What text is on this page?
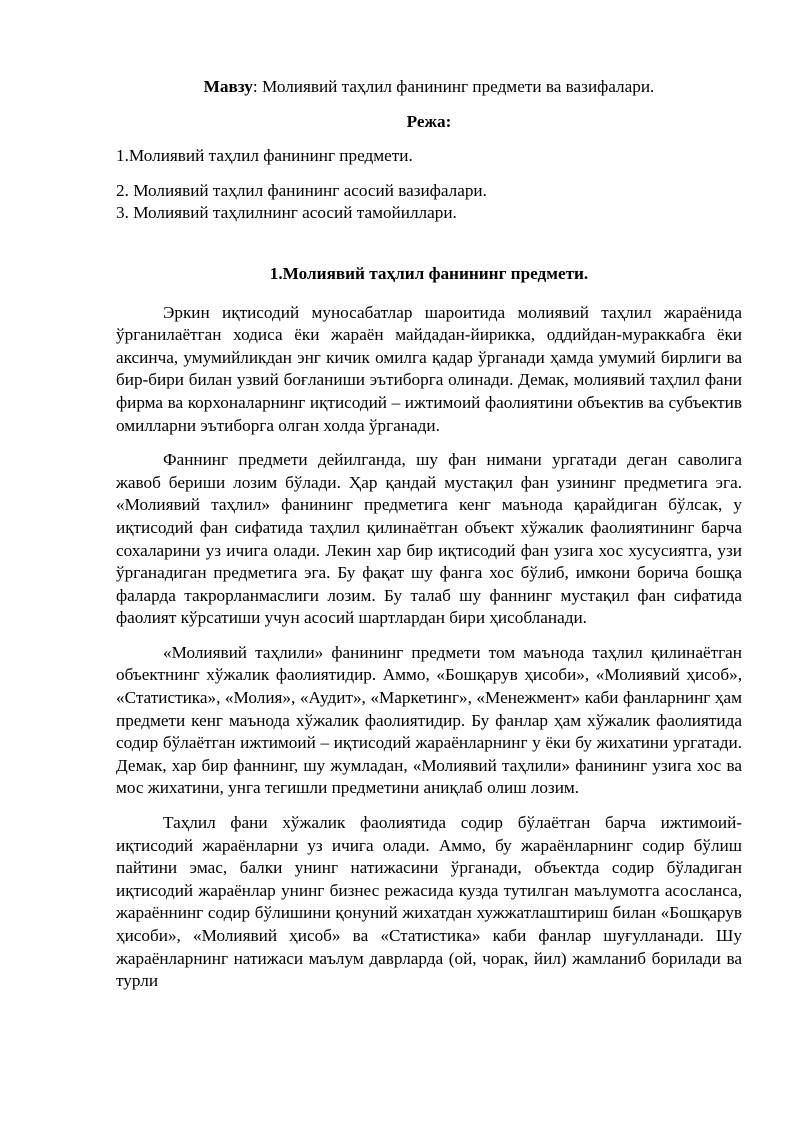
Мавзу: Молиявий таҳлил фанининг предмети ва вазифалари.

Режа:

1.Молиявий таҳлил фанининг предмети.

2. Молиявий таҳлил фанининг асосий вазифалари.

3. Молиявий таҳлилнинг асосий тамойиллари.

1.Молиявий таҳлил фанининг предмети.

Эркин иқтисодий муносабатлар шароитида молиявий таҳлил жараёнида ўрганилаётган ходиса ёки жараён майдадан-йирикка, оддийдан-мураккабга ёки аксинча, умумийликдан энг кичик омилга қадар ўрганади ҳамда умумий бирлиги ва бир-бири билан узвий боғланиши эътиборга олинади. Демак, молиявий таҳлил фани фирма ва корхоналарнинг иқтисодий – ижтимоий фаолиятини объектив ва субъектив омилларни эътиборга олган холда ўрганади.

Фаннинг предмети дейилганда, шу фан нимани ургатади деган саволига жавоб бериши лозим бўлади. Ҳар қандай мустақил фан узининг предметига эга. «Молиявий таҳлил» фанининг предметига кенг маънода қарайдиган бўлсак, у иқтисодий фан сифатида таҳлил қилинаётган объект хўжалик фаолиятининг барча сохаларини уз ичига олади. Лекин хар бир иқтисодий фан узига хос хусусиятга, узи ўрганадиган предметига эга. Бу фақат шу фанга хос бўлиб, имкони борича бошқа фаларда такрорланмаслиги лозим. Бу талаб шу фаннинг мустақил фан сифатида фаолият кўрсатиши учун асосий шартлардан бири ҳисобланади.

«Молиявий таҳлили» фанининг предмети том маънода таҳлил қилинаётган объектнинг хўжалик фаолиятидир. Аммо, «Бошқарув ҳисоби», «Молиявий ҳисоб», «Статистика», «Молия», «Аудит», «Маркетинг», «Менежмент» каби фанларнинг ҳам предмети кенг маънода хўжалик фаолиятидир. Бу фанлар ҳам хўжалик фаолиятида содир бўлаётган ижтимоий – иқтисодий жараёнларнинг у ёки бу жихатини ургатади. Демак, хар бир фаннинг, шу жумладан, «Молиявий таҳлили» фанининг узига хос ва мос жихатини, унга тегишли предметини аниқлаб олиш лозим.

Таҳлил фани хўжалик фаолиятида содир бўлаётган барча ижтимоий-иқтисодий жараёнларни уз ичига олади. Аммо, бу жараёнларнинг содир бўлиш пайтини эмас, балки унинг натижасини ўрганади, объектда содир бўладиган иқтисодий жараёнлар унинг бизнес режасида кузда тутилган маълумотга асосланса, жараённинг содир бўлишини қонуний жихатдан хужжатлаштириш билан «Бошқарув ҳисоби», «Молиявий ҳисоб» ва «Статистика» каби фанлар шуғулланади. Шу жараёнларнинг натижаси маълум даврларда (ой, чорак, йил) жамланиб борилади ва турли
